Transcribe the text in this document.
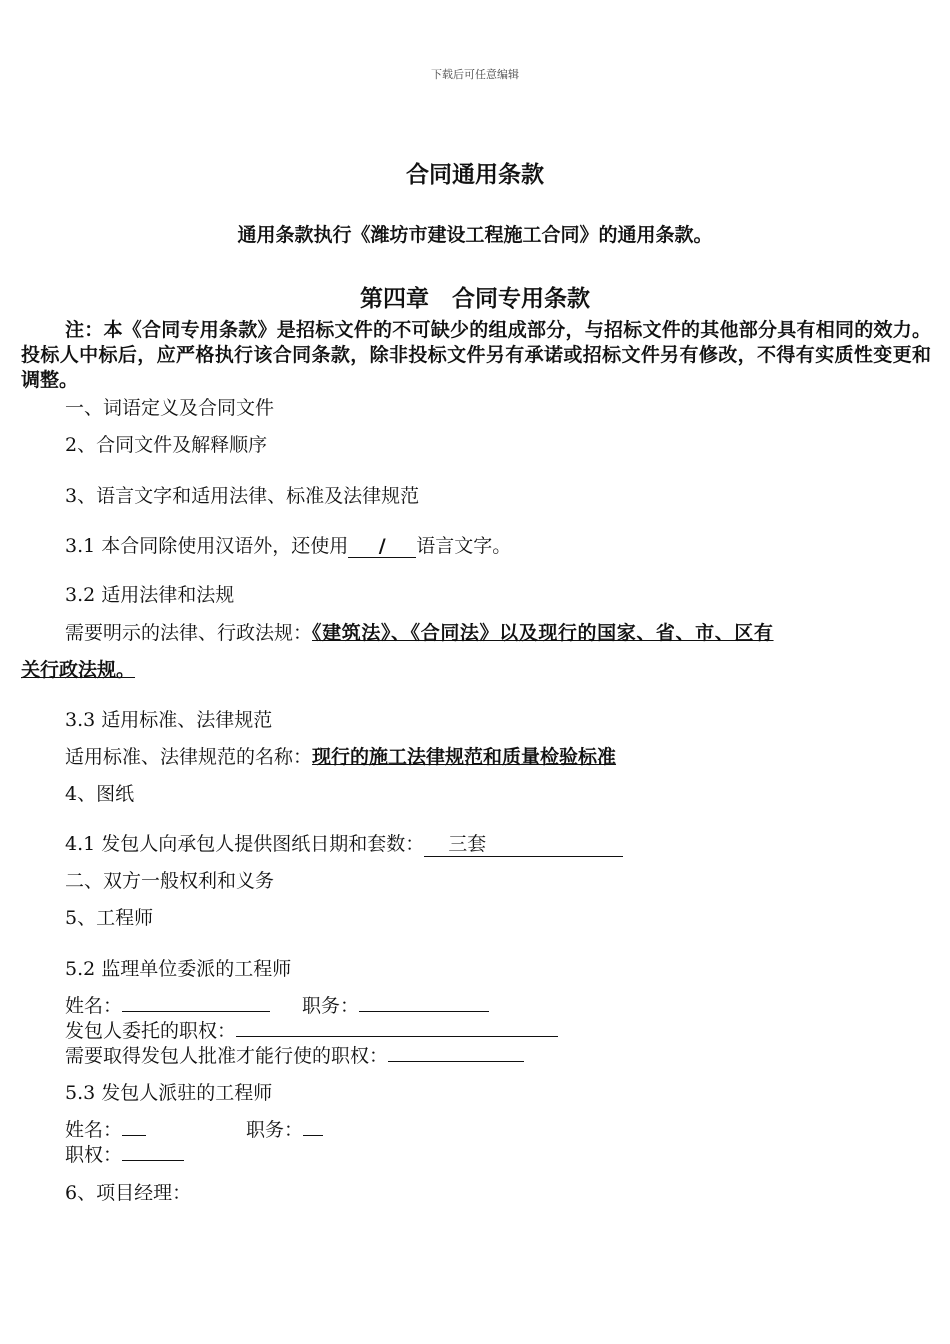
下载后可任意编辑
合同通用条款
通用条款执行《潍坊市建设工程施工合同》的通用条款。
第四章　合同专用条款
注：本《合同专用条款》是招标文件的不可缺少的组成部分，与招标文件的其他部分具有相同的效力。投标人中标后，应严格执行该合同条款，除非投标文件另有承诺或招标文件另有修改，不得有实质性变更和调整。
一、词语定义及合同文件
2、合同文件及解释顺序
3、语言文字和适用法律、标准及法律规范
3.1 本合同除使用汉语外，还使用 / 语言文字。
3.2 适用法律和法规
需要明示的法律、行政法规：《建筑法》、《合同法》以及现行的国家、省、市、区有
关行政法规。
3.3 适用标准、法律规范
适用标准、法律规范的名称：现行的施工法律规范和质量检验标准
4、图纸
4.1 发包人向承包人提供图纸日期和套数： 三套
二、双方一般权利和义务
5、工程师
5.2 监理单位委派的工程师
姓名：	职务：
发包人委托的职权：
需要取得发包人批准才能行使的职权：
5.3 发包人派驻的工程师
姓名：	职务：
职权：
6、项目经理：
